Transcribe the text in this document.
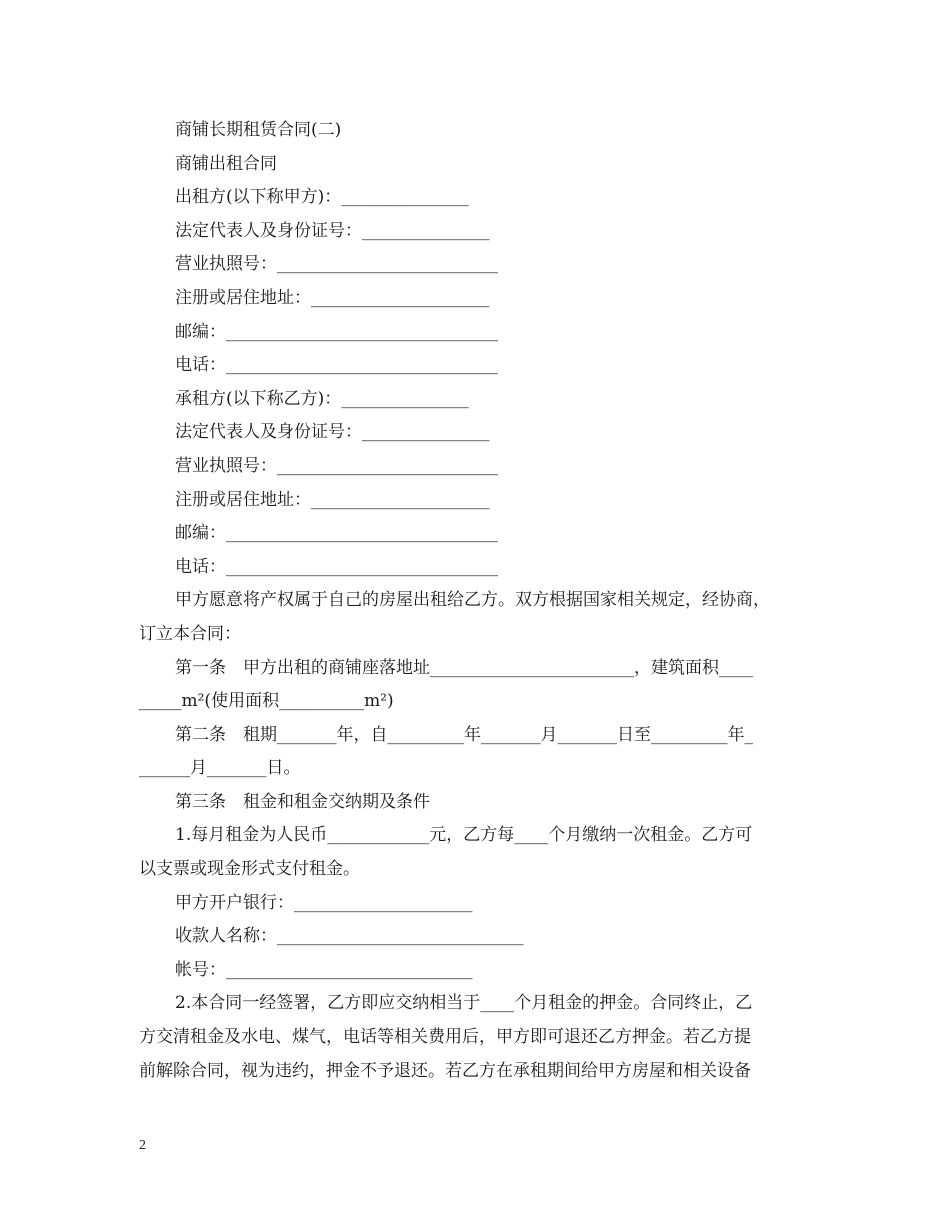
商铺长期租赁合同(二)
商铺出租合同
出租方(以下称甲方)：_______________
法定代表人及身份证号：_______________
营业执照号：__________________________
注册或居住地址：_____________________
邮编：________________________________
电话：________________________________
承租方(以下称乙方)：_______________
法定代表人及身份证号：_______________
营业执照号：__________________________
注册或居住地址：_____________________
邮编：________________________________
电话：________________________________
甲方愿意将产权属于自己的房屋出租给乙方。双方根据国家相关规定，经协商，
订立本合同：
第一条　甲方出租的商铺座落地址________________________，建筑面积____
_____m²(使用面积__________m²)
第二条　租期_______年，自_________年_______月_______日至_________年_
______月_______日。
第三条　租金和租金交纳期及条件
1.每月租金为人民币____________元，乙方每____个月缴纳一次租金。乙方可
以支票或现金形式支付租金。
甲方开户银行：_____________________
收款人名称：_____________________________
帐号：_____________________________
2.本合同一经签署，乙方即应交纳相当于____个月租金的押金。合同终止，乙
方交清租金及水电、煤气，电话等相关费用后，甲方即可退还乙方押金。若乙方提
前解除合同，视为违约，押金不予退还。若乙方在承租期间给甲方房屋和相关设备
2
